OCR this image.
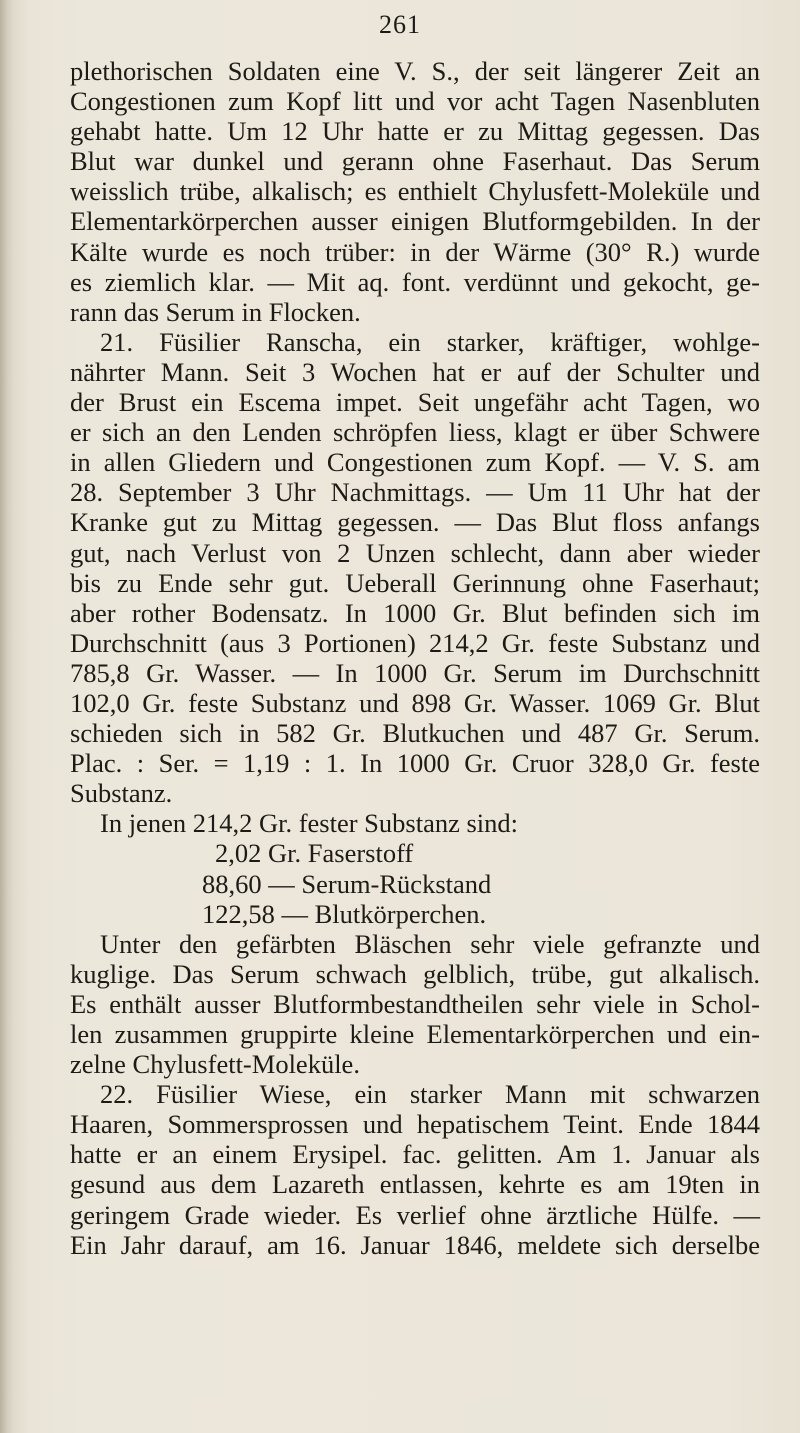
261
plethorischen Soldaten eine V. S., der seit längerer Zeit an
Congestionen zum Kopf litt und vor acht Tagen Nasenbluten
gehabt hatte. Um 12 Uhr hatte er zu Mittag gegessen. Das
Blut war dunkel und gerann ohne Faserhaut. Das Serum
weisslich trübe, alkalisch; es enthielt Chylusfett-Moleküle und
Elementarkörperchen ausser einigen Blutformgebilden. In der
Kälte wurde es noch trüber: in der Wärme (30° R.) wurde
es ziemlich klar. — Mit aq. font. verdünnt und gekocht, ge-
rann das Serum in Flocken.
21. Füsilier Ranscha, ein starker, kräftiger, wohlge-
nährter Mann. Seit 3 Wochen hat er auf der Schulter und
der Brust ein Escema impet. Seit ungefähr acht Tagen, wo
er sich an den Lenden schröpfen liess, klagt er über Schwere
in allen Gliedern und Congestionen zum Kopf. — V. S. am
28. September 3 Uhr Nachmittags. — Um 11 Uhr hat der
Kranke gut zu Mittag gegessen. — Das Blut floss anfangs
gut, nach Verlust von 2 Unzen schlecht, dann aber wieder
bis zu Ende sehr gut. Ueberall Gerinnung ohne Faserhaut;
aber rother Bodensatz. In 1000 Gr. Blut befinden sich im
Durchschnitt (aus 3 Portionen) 214,2 Gr. feste Substanz und
785,8 Gr. Wasser. — In 1000 Gr. Serum im Durchschnitt
102,0 Gr. feste Substanz und 898 Gr. Wasser. 1069 Gr. Blut
schieden sich in 582 Gr. Blutkuchen und 487 Gr. Serum.
Plac. : Ser. = 1,19 : 1. In 1000 Gr. Cruor 328,0 Gr. feste
Substanz.
In jenen 214,2 Gr. fester Substanz sind:
2,02 Gr. Faserstoff
88,60 — Serum-Rückstand
122,58 — Blutkörperchen.
Unter den gefärbten Bläschen sehr viele gefranzte und
kuglige. Das Serum schwach gelblich, trübe, gut alkalisch.
Es enthält ausser Blutformbestandtheilen sehr viele in Schol-
len zusammen gruppirte kleine Elementarkörperchen und ein-
zelne Chylusfett-Moleküle.
22. Füsilier Wiese, ein starker Mann mit schwarzen
Haaren, Sommersprossen und hepatischem Teint. Ende 1844
hatte er an einem Erysipel. fac. gelitten. Am 1. Januar als
gesund aus dem Lazareth entlassen, kehrte es am 19ten in
geringem Grade wieder. Es verlief ohne ärztliche Hülfe. —
Ein Jahr darauf, am 16. Januar 1846, meldete sich derselbe
